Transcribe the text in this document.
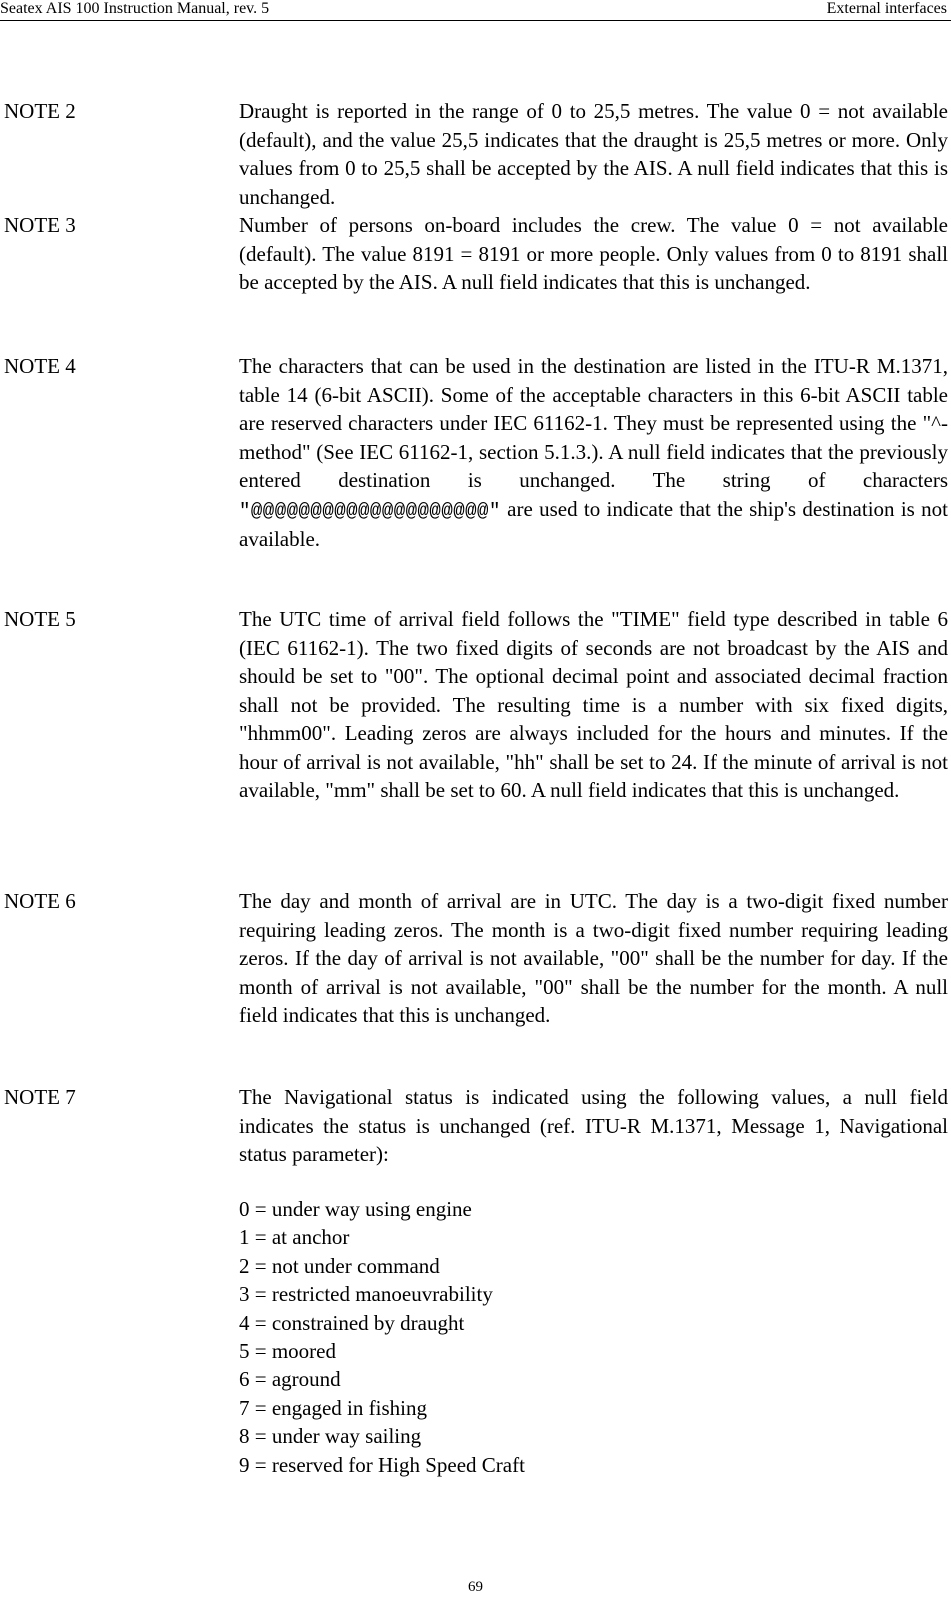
Seatex AIS 100 Instruction Manual, rev. 5	External interfaces
NOTE 2	Draught is reported in the range of 0 to 25,5 metres. The value 0 = not available (default), and the value 25,5 indicates that the draught is 25,5 metres or more. Only values from 0 to 25,5 shall be accepted by the AIS. A null field indicates that this is unchanged.
NOTE 3	Number of persons on-board includes the crew. The value 0 = not available (default). The value 8191 = 8191 or more people. Only values from 0 to 8191 shall be accepted by the AIS. A null field indicates that this is unchanged.
NOTE 4	The characters that can be used in the destination are listed in the ITU-R M.1371, table 14 (6-bit ASCII). Some of the acceptable characters in this 6-bit ASCII table are reserved characters under IEC 61162-1. They must be represented using the "^-method" (See IEC 61162-1, section 5.1.3.). A null field indicates that the previously entered destination is unchanged. The string of characters "@@@@@@@@@@@@@@@@@@@@" are used to indicate that the ship's destination is not available.
NOTE 5	The UTC time of arrival field follows the "TIME" field type described in table 6 (IEC 61162-1). The two fixed digits of seconds are not broadcast by the AIS and should be set to "00". The optional decimal point and associated decimal fraction shall not be provided. The resulting time is a number with six fixed digits, "hhmm00". Leading zeros are always included for the hours and minutes. If the hour of arrival is not available, "hh" shall be set to 24. If the minute of arrival is not available, "mm" shall be set to 60. A null field indicates that this is unchanged.
NOTE 6	The day and month of arrival are in UTC. The day is a two-digit fixed number requiring leading zeros. The month is a two-digit fixed number requiring leading zeros. If the day of arrival is not available, "00" shall be the number for day. If the month of arrival is not available, "00" shall be the number for the month. A null field indicates that this is unchanged.
NOTE 7	The Navigational status is indicated using the following values, a null field indicates the status is unchanged (ref. ITU-R M.1371, Message 1, Navigational status parameter):
0 = under way using engine
1 = at anchor
2 = not under command
3 = restricted manoeuvrability
4 = constrained by draught
5 = moored
6 = aground
7 = engaged in fishing
8 = under way sailing
9 = reserved for High Speed Craft
69
